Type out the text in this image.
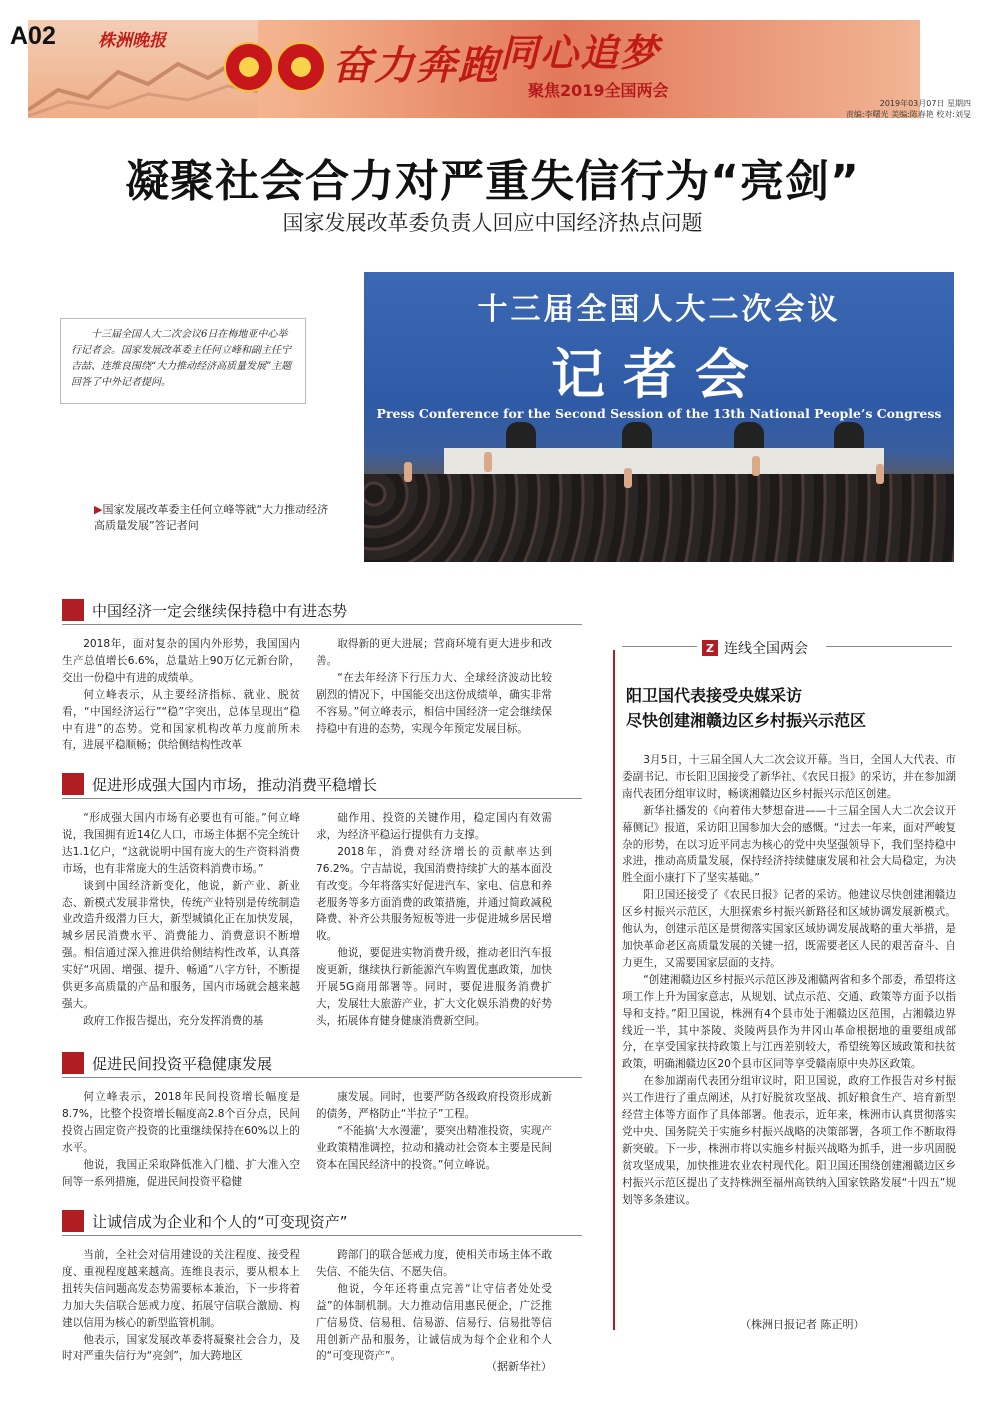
A02 株洲晚报
奋力奔跑 同心追梦
聚焦2019全国两会
2019年03月07日 星期四
责编:李曙光 美编:陈春艳 校对:刘旻
凝聚社会合力对严重失信行为“亮剑”
国家发展改革委负责人回应中国经济热点问题
十三届全国人大二次会议
记者会
Press Conference for the Second Session of the 13th National People’s Congress
十三届全国人大二次会议6日在梅地亚中心举行记者会。国家发展改革委主任何立峰和副主任宁吉喆、连维良围绕“大力推动经济高质量发展”主题回答了中外记者提问。
▶国家发展改革委主任何立峰等就“大力推动经济高质量发展”答记者问
中国经济一定会继续保持稳中有进态势

2018年，面对复杂的国内外形势，我国国内生产总值增长6.6%，总量站上90万亿元新台阶，交出一份稳中有进的成绩单。

何立峰表示，从主要经济指标、就业、脱贫看，“中国经济运行”“稳”字突出，总体呈现出“稳中有进”的态势。党和国家机构改革力度前所未有，进展平稳顺畅；供给侧结构性改革

取得新的更大进展；营商环境有更大进步和改善。

“在去年经济下行压力大、全球经济波动比较剧烈的情况下，中国能交出这份成绩单，确实非常不容易。”何立峰表示，相信中国经济一定会继续保持稳中有进的态势，实现今年预定发展目标。

促进形成强大国内市场，推动消费平稳增长

“形成强大国内市场有必要也有可能。”何立峰说，我国拥有近14亿人口，市场主体据不完全统计达1.1亿户，“这就说明中国有庞大的生产资料消费市场，也有非常庞大的生活资料消费市场。”

谈到中国经济新变化，他说，新产业、新业态、新模式发展非常快，传统产业特别是传统制造业改造升级潜力巨大，新型城镇化正在加快发展，城乡居民消费水平、消费能力、消费意识不断增强。相信通过深入推进供给侧结构性改革，认真落实好“巩固、增强、提升、畅通”八字方针，不断提供更多高质量的产品和服务，国内市场就会越来越强大。

政府工作报告提出，充分发挥消费的基

础作用、投资的关键作用，稳定国内有效需求，为经济平稳运行提供有力支撑。

2018年，消费对经济增长的贡献率达到76.2%。宁吉喆说，我国消费持续扩大的基本面没有改变。今年将落实好促进汽车、家电、信息和养老服务等多方面消费的政策措施，并通过简政减税降费、补齐公共服务短板等进一步促进城乡居民增收。

他说，要促进实物消费升级，推动老旧汽车报废更新，继续执行新能源汽车购置优惠政策，加快开展5G商用部署等。同时，要促进服务消费扩大，发展壮大旅游产业，扩大文化娱乐消费的好势头，拓展体育健身健康消费新空间。

促进民间投资平稳健康发展

何立峰表示，2018年民间投资增长幅度是8.7%，比整个投资增长幅度高2.8个百分点，民间投资占固定资产投资的比重继续保持在60%以上的水平。

他说，我国正采取降低准入门槛、扩大准入空间等一系列措施，促进民间投资平稳健

康发展。同时，也要严防各级政府投资形成新的债务，严格防止“半拉子”工程。

“不能搞‘大水漫灌’，要突出精准投资，实现产业政策精准调控，拉动和撬动社会资本主要是民间资本在国民经济中的投资。”何立峰说。

让诚信成为企业和个人的“可变现资产”

当前，全社会对信用建设的关注程度、接受程度、重视程度越来越高。连维良表示，要从根本上扭转失信问题高发态势需要标本兼治，下一步将着力加大失信联合惩戒力度、拓展守信联合激励、构建以信用为核心的新型监管机制。

他表示，国家发展改革委将凝聚社会合力，及时对严重失信行为“亮剑”，加大跨地区

跨部门的联合惩戒力度，使相关市场主体不敢失信、不能失信、不愿失信。

他说，今年还将重点完善“让守信者处处受益”的体制机制。大力推动信用惠民便企，广泛推广信易贷、信易租、信易游、信易行、信易批等信用创新产品和服务，让诚信成为每个企业和个人的“可变现资产”。

（据新华社）
Z 连线全国两会
阳卫国代表接受央媒采访
尽快创建湘赣边区乡村振兴示范区

3月5日，十三届全国人大二次会议开幕。当日，全国人大代表、市委副书记、市长阳卫国接受了新华社、《农民日报》的采访，并在参加湖南代表团分组审议时，畅谈湘赣边区乡村振兴示范区创建。

新华社播发的《向着伟大梦想奋进——十三届全国人大二次会议开幕侧记》报道，采访阳卫国参加大会的感慨。“过去一年来，面对严峻复杂的形势，在以习近平同志为核心的党中央坚强领导下，我们坚持稳中求进，推动高质量发展，保持经济持续健康发展和社会大局稳定，为决胜全面小康打下了坚实基础。”

阳卫国还接受了《农民日报》记者的采访。他建议尽快创建湘赣边区乡村振兴示范区，大胆探索乡村振兴新路径和区域协调发展新模式。他认为，创建示范区是贯彻落实国家区域协调发展战略的重大举措，是加快革命老区高质量发展的关键一招，既需要老区人民的艰苦奋斗、自力更生，又需要国家层面的支持。

“创建湘赣边区乡村振兴示范区涉及湘赣两省和多个部委，希望将这项工作上升为国家意志，从规划、试点示范、交通、政策等方面予以指导和支持。”阳卫国说，株洲有4个县市处于湘赣边区范围，占湘赣边界线近一半，其中茶陵、炎陵两县作为井冈山革命根据地的重要组成部分，在享受国家扶持政策上与江西差别较大，希望统筹区域政策和扶贫政策，明确湘赣边区20个县市区同等享受赣南原中央苏区政策。

在参加湖南代表团分组审议时，阳卫国说，政府工作报告对乡村振兴工作进行了重点阐述，从打好脱贫攻坚战、抓好粮食生产、培育新型经营主体等方面作了具体部署。他表示，近年来，株洲市认真贯彻落实党中央、国务院关于实施乡村振兴战略的决策部署，各项工作不断取得新突破。下一步，株洲市将以实施乡村振兴战略为抓手，进一步巩固脱贫攻坚成果，加快推进农业农村现代化。阳卫国还围绕创建湘赣边区乡村振兴示范区提出了支持株洲至福州高铁纳入国家铁路发展“十四五”规划等多条建议。

（株洲日报记者 陈正明）
